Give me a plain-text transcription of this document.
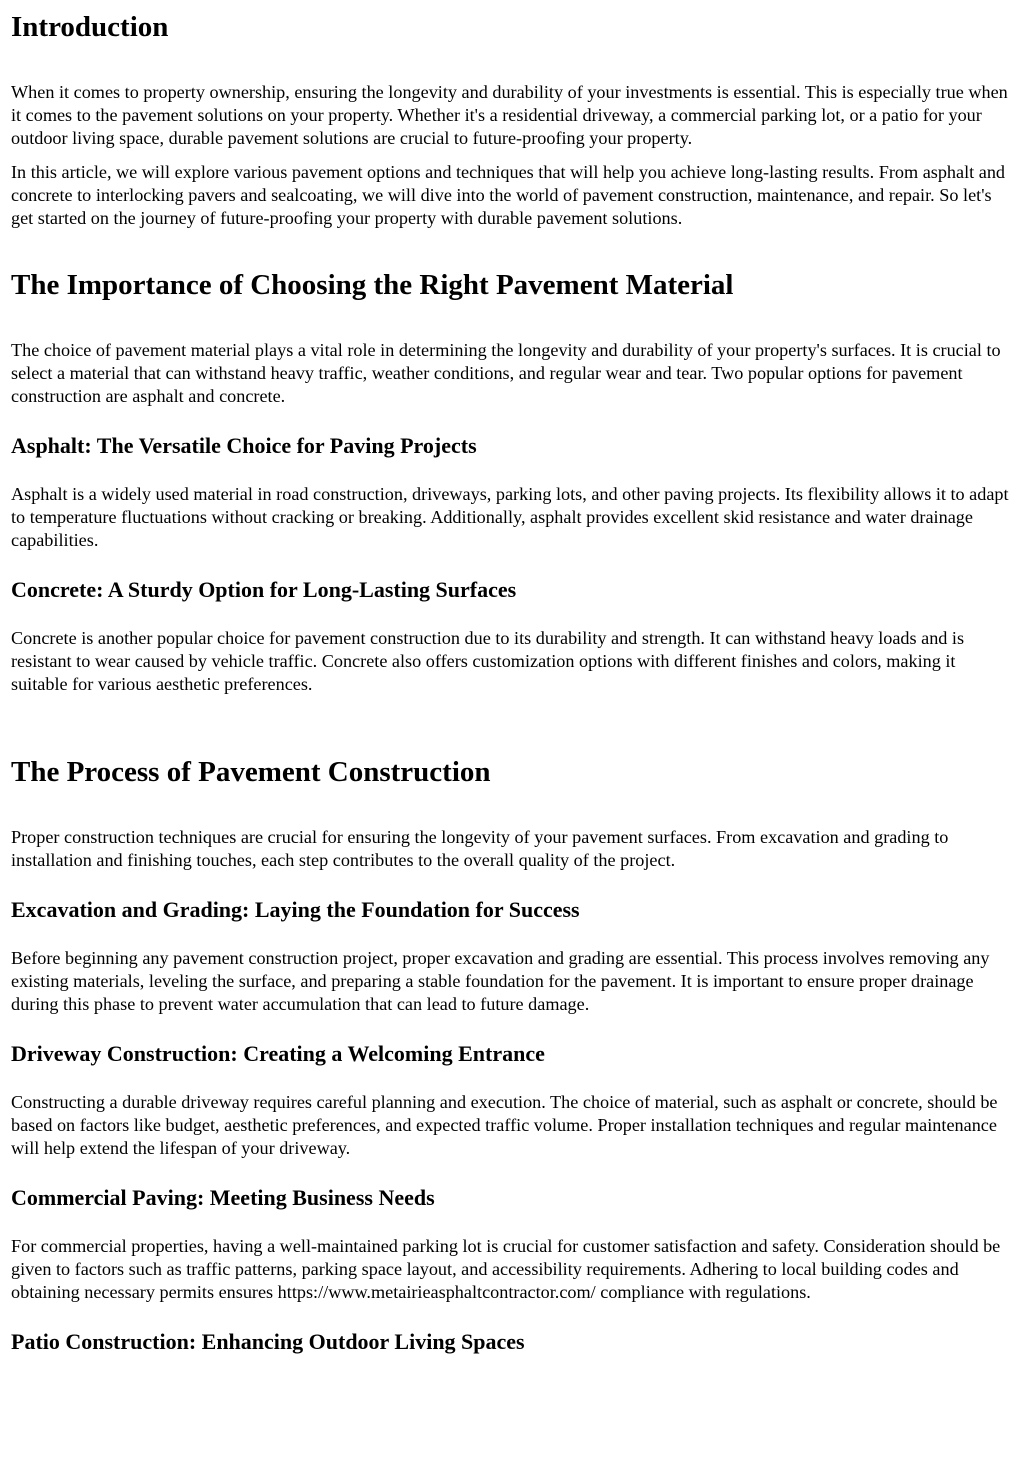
Introduction

When it comes to property ownership, ensuring the longevity and durability of your investments is essential. This is especially true when it comes to the pavement solutions on your property. Whether it's a residential driveway, a commercial parking lot, or a patio for your outdoor living space, durable pavement solutions are crucial to future-proofing your property.

In this article, we will explore various pavement options and techniques that will help you achieve long-lasting results. From asphalt and concrete to interlocking pavers and sealcoating, we will dive into the world of pavement construction, maintenance, and repair. So let's get started on the journey of future-proofing your property with durable pavement solutions.

The Importance of Choosing the Right Pavement Material

The choice of pavement material plays a vital role in determining the longevity and durability of your property's surfaces. It is crucial to select a material that can withstand heavy traffic, weather conditions, and regular wear and tear. Two popular options for pavement construction are asphalt and concrete.

Asphalt: The Versatile Choice for Paving Projects

Asphalt is a widely used material in road construction, driveways, parking lots, and other paving projects. Its flexibility allows it to adapt to temperature fluctuations without cracking or breaking. Additionally, asphalt provides excellent skid resistance and water drainage capabilities.

Concrete: A Sturdy Option for Long-Lasting Surfaces

Concrete is another popular choice for pavement construction due to its durability and strength. It can withstand heavy loads and is resistant to wear caused by vehicle traffic. Concrete also offers customization options with different finishes and colors, making it suitable for various aesthetic preferences.

The Process of Pavement Construction

Proper construction techniques are crucial for ensuring the longevity of your pavement surfaces. From excavation and grading to installation and finishing touches, each step contributes to the overall quality of the project.

Excavation and Grading: Laying the Foundation for Success

Before beginning any pavement construction project, proper excavation and grading are essential. This process involves removing any existing materials, leveling the surface, and preparing a stable foundation for the pavement. It is important to ensure proper drainage during this phase to prevent water accumulation that can lead to future damage.

Driveway Construction: Creating a Welcoming Entrance

Constructing a durable driveway requires careful planning and execution. The choice of material, such as asphalt or concrete, should be based on factors like budget, aesthetic preferences, and expected traffic volume. Proper installation techniques and regular maintenance will help extend the lifespan of your driveway.

Commercial Paving: Meeting Business Needs

For commercial properties, having a well-maintained parking lot is crucial for customer satisfaction and safety. Consideration should be given to factors such as traffic patterns, parking space layout, and accessibility requirements. Adhering to local building codes and obtaining necessary permits ensures https://www.metairieasphaltcontractor.com/ compliance with regulations.

Patio Construction: Enhancing Outdoor Living Spaces
